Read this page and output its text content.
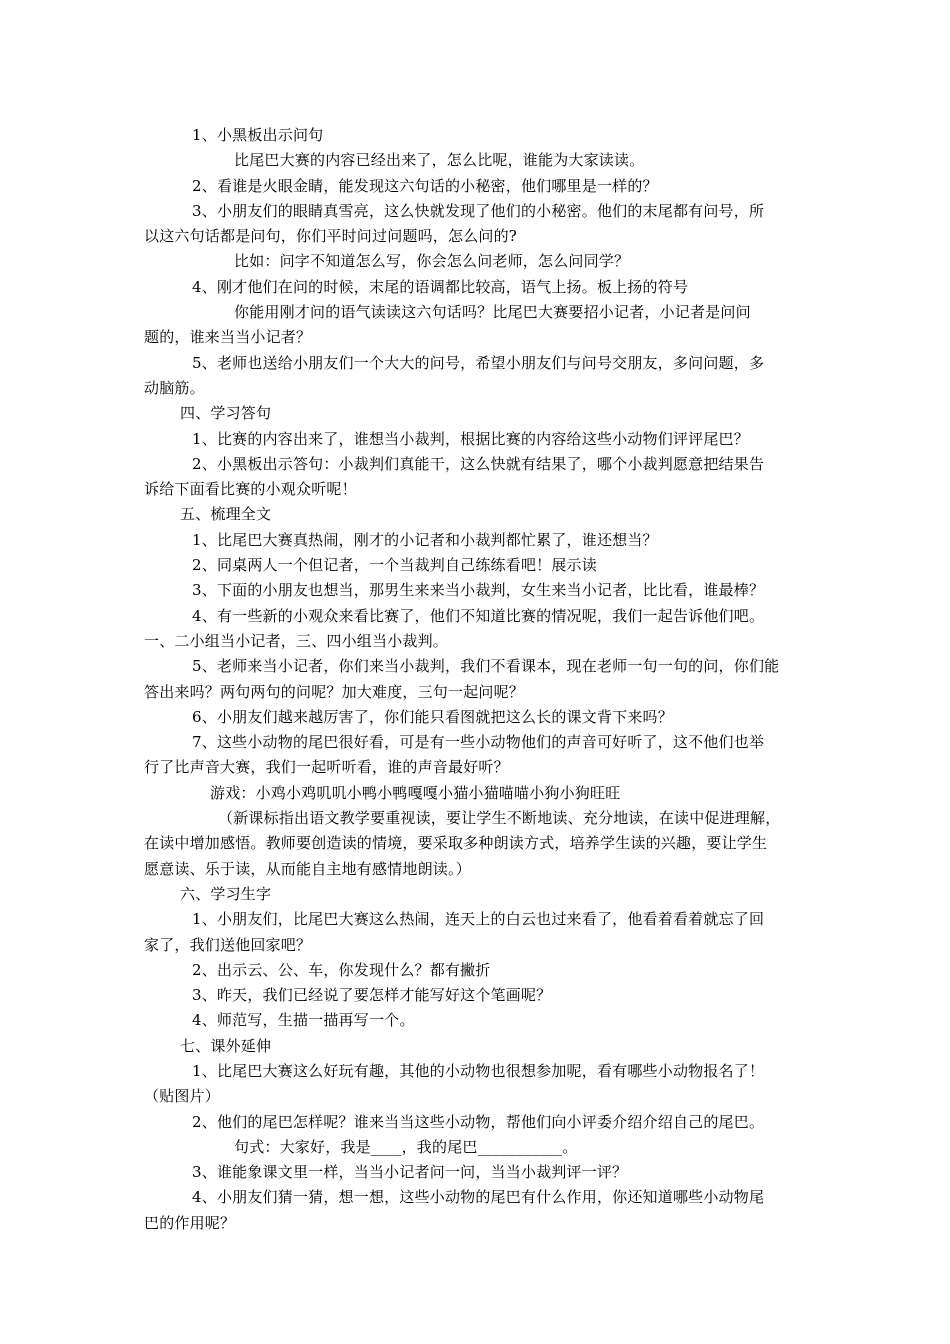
1、小黑板出示问句
比尾巴大赛的内容已经出来了，怎么比呢，谁能为大家读读。
2、看谁是火眼金睛，能发现这六句话的小秘密，他们哪里是一样的？
3、小朋友们的眼睛真雪亮，这么快就发现了他们的小秘密。他们的末尾都有问号，所
以这六句话都是问句，你们平时问过问题吗，怎么问的?
比如：问字不知道怎么写，你会怎么问老师，怎么问同学？
4、刚才他们在问的时候，末尾的语调都比较高，语气上扬。板上扬的符号
你能用刚才问的语气读读这六句话吗？比尾巴大赛要招小记者，小记者是问问
题的，谁来当当小记者？
5、老师也送给小朋友们一个大大的问号，希望小朋友们与问号交朋友，多问问题，多
动脑筋。
四、学习答句
1、比赛的内容出来了，谁想当小裁判，根据比赛的内容给这些小动物们评评尾巴？
2、小黑板出示答句：小裁判们真能干，这么快就有结果了，哪个小裁判愿意把结果告
诉给下面看比赛的小观众听呢！
五、梳理全文
1、比尾巴大赛真热闹，刚才的小记者和小裁判都忙累了，谁还想当？
2、同桌两人一个但记者，一个当裁判自己练练看吧！展示读
3、下面的小朋友也想当，那男生来来当小裁判，女生来当小记者，比比看，谁最棒？
4、有一些新的小观众来看比赛了，他们不知道比赛的情况呢，我们一起告诉他们吧。
一、二小组当小记者，三、四小组当小裁判。
5、老师来当小记者，你们来当小裁判，我们不看课本，现在老师一句一句的问，你们能
答出来吗？两句两句的问呢？加大难度，三句一起问呢？
6、小朋友们越来越厉害了，你们能只看图就把这么长的课文背下来吗？
7、这些小动物的尾巴很好看，可是有一些小动物他们的声音可好听了，这不他们也举
行了比声音大赛，我们一起听听看，谁的声音最好听？
游戏：小鸡小鸡叽叽小鸭小鸭嘎嘎小猫小猫喵喵小狗小狗旺旺
（新课标指出语文教学要重视读，要让学生不断地读、充分地读，在读中促进理解，
在读中增加感悟。教师要创造读的情境，要采取多种朗读方式，培养学生读的兴趣，要让学生
愿意读、乐于读，从而能自主地有感情地朗读。）
六、学习生字
1、小朋友们，比尾巴大赛这么热闹，连天上的白云也过来看了，他看着看着就忘了回
家了，我们送他回家吧？
2、出示云、公、车，你发现什么？都有撇折
3、昨天，我们已经说了要怎样才能写好这个笔画呢？
4、师范写，生描一描再写一个。
七、课外延伸
1、比尾巴大赛这么好玩有趣，其他的小动物也很想参加呢，看有哪些小动物报名了！
（贴图片）
2、他们的尾巴怎样呢？谁来当当这些小动物，帮他们向小评委介绍介绍自己的尾巴。
句式：大家好，我是____，我的尾巴___________。
3、谁能象课文里一样，当当小记者问一问，当当小裁判评一评？
4、小朋友们猜一猜，想一想，这些小动物的尾巴有什么作用，你还知道哪些小动物尾
巴的作用呢？
